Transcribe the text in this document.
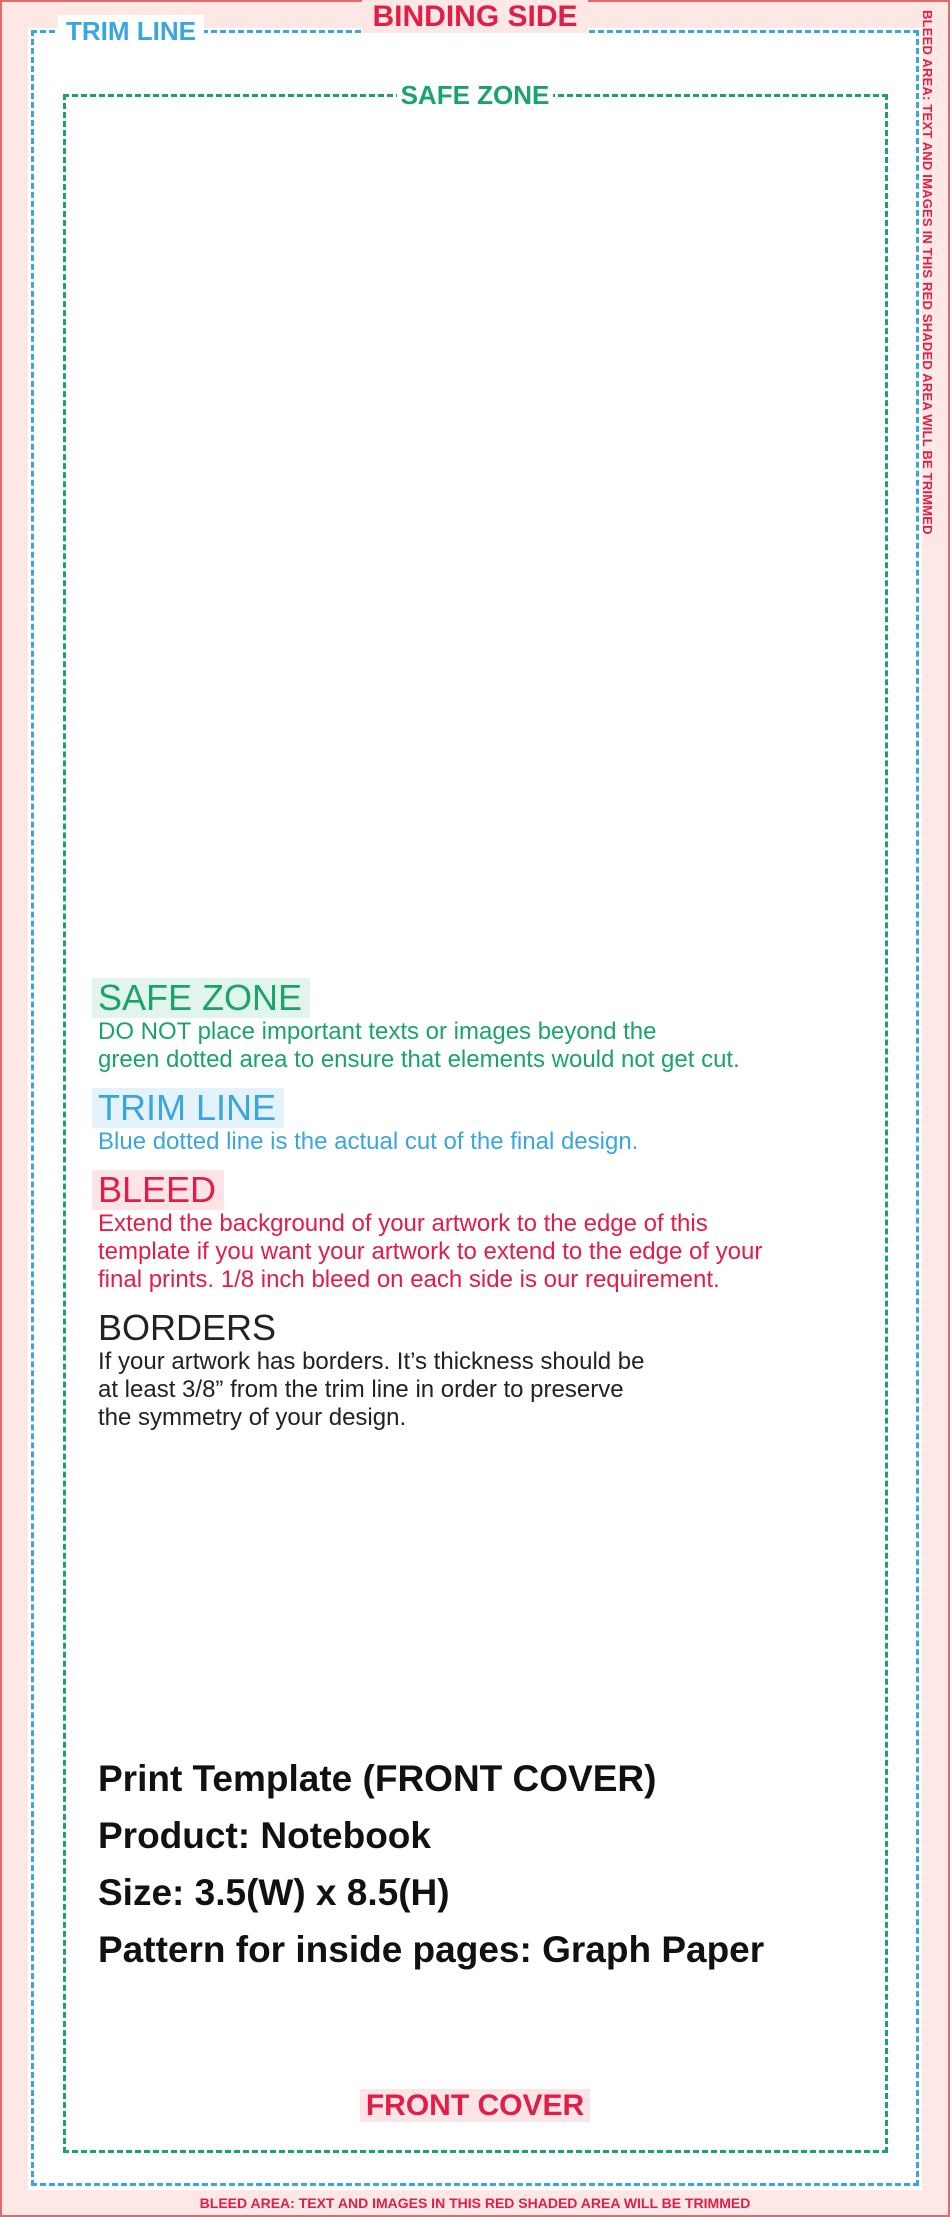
BINDING SIDE
TRIM LINE
SAFE ZONE	BLEED AREA: TEXT AND IMAGES IN THIS RED SHADED AREA WILL BE TRIMMED
SAFE ZONE

DO NOT place important texts or images beyond the

green dotted area to ensure that elements would not get cut.

TRIM LINE

Blue dotted line is the actual cut of the final design.

BLEED

Extend the background of your artwork to the edge of this

template if you want your artwork to extend to the edge of your

final prints. 1/8 inch bleed on each side is our requirement.

BORDERS

If your artwork has borders. It’s thickness should be

at least 3/8” from the trim line in order to preserve

the symmetry of your design.

Print Template (FRONT COVER)
Product: Notebook
Size: 3.5(W) x 8.5(H)
Pattern for inside pages: Graph Paper
FRONT COVER
BLEED AREA: TEXT AND IMAGES IN THIS RED SHADED AREA WILL BE TRIMMED
